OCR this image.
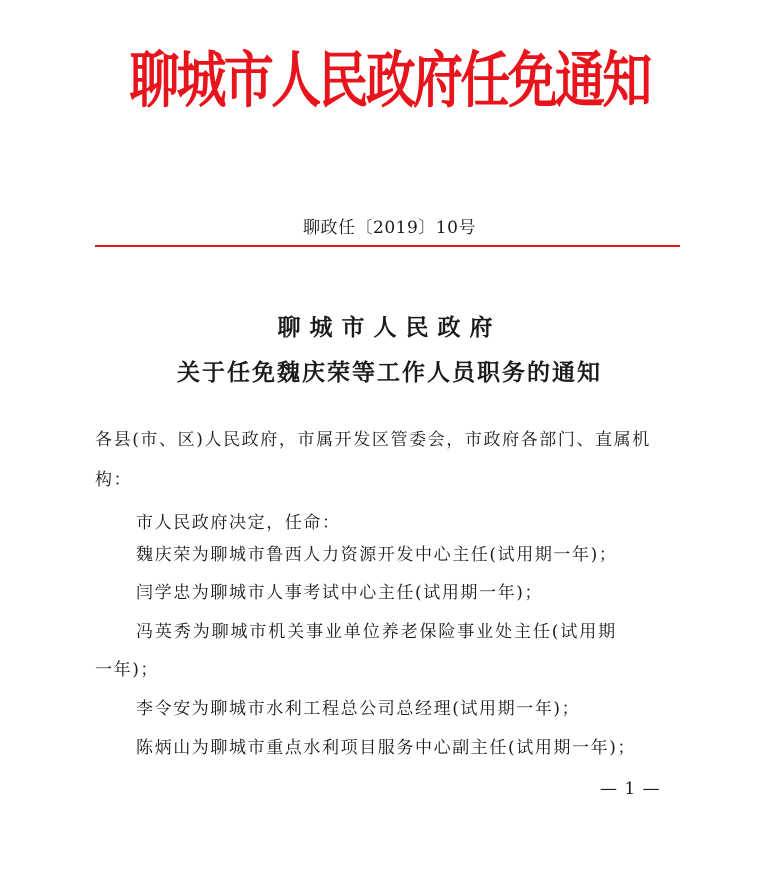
聊城市人民政府任免通知
聊政任〔2019〕10号
聊城市人民政府
关于任免魏庆荣等工作人员职务的通知
各县(市、区)人民政府，市属开发区管委会，市政府各部门、直属机
构：
市人民政府决定，任命：
魏庆荣为聊城市鲁西人力资源开发中心主任(试用期一年)；
闫学忠为聊城市人事考试中心主任(试用期一年)；
冯英秀为聊城市机关事业单位养老保险事业处主任(试用期
一年)；
李令安为聊城市水利工程总公司总经理(试用期一年)；
陈炳山为聊城市重点水利项目服务中心副主任(试用期一年)；
— 1 —
